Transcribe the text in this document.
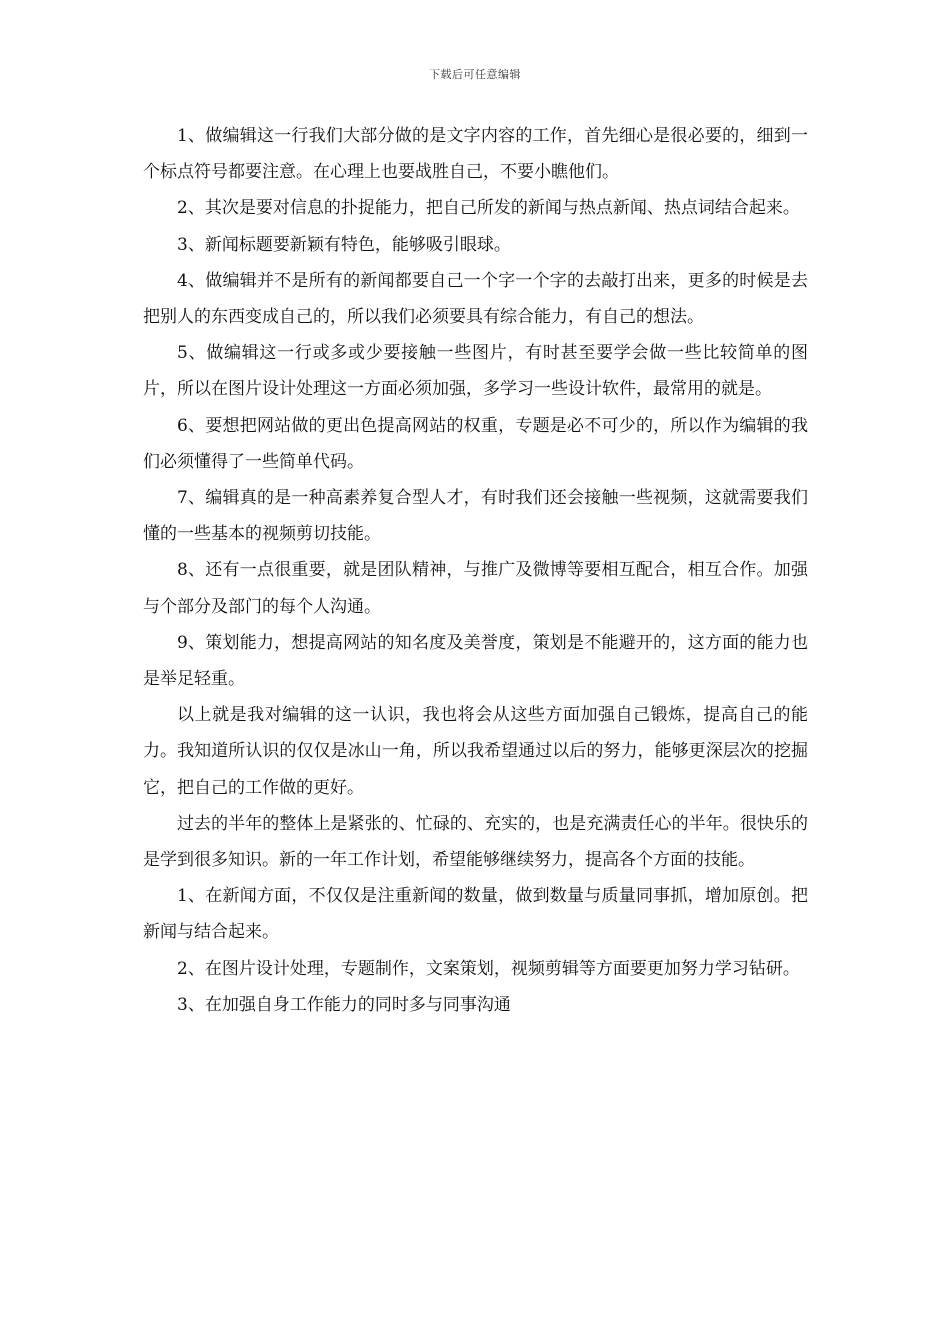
下载后可任意编辑

1、做编辑这一行我们大部分做的是文字内容的工作，首先细心是很必要的，细到一个标点符号都要注意。在心理上也要战胜自己，不要小瞧他们。

2、其次是要对信息的扑捉能力，把自己所发的新闻与热点新闻、热点词结合起来。

3、新闻标题要新颖有特色，能够吸引眼球。

4、做编辑并不是所有的新闻都要自己一个字一个字的去敲打出来，更多的时候是去把别人的东西变成自己的，所以我们必须要具有综合能力，有自己的想法。

5、做编辑这一行或多或少要接触一些图片，有时甚至要学会做一些比较简单的图片，所以在图片设计处理这一方面必须加强，多学习一些设计软件，最常用的就是。

6、要想把网站做的更出色提高网站的权重，专题是必不可少的，所以作为编辑的我们必须懂得了一些简单代码。

7、编辑真的是一种高素养复合型人才，有时我们还会接触一些视频，这就需要我们懂的一些基本的视频剪切技能。

8、还有一点很重要，就是团队精神，与推广及微博等要相互配合，相互合作。加强与个部分及部门的每个人沟通。

9、策划能力，想提高网站的知名度及美誉度，策划是不能避开的，这方面的能力也是举足轻重。

以上就是我对编辑的这一认识，我也将会从这些方面加强自己锻炼，提高自己的能力。我知道所认识的仅仅是冰山一角，所以我希望通过以后的努力，能够更深层次的挖掘它，把自己的工作做的更好。

过去的半年的整体上是紧张的、忙碌的、充实的，也是充满责任心的半年。很快乐的是学到很多知识。新的一年工作计划，希望能够继续努力，提高各个方面的技能。

1、在新闻方面，不仅仅是注重新闻的数量，做到数量与质量同事抓，增加原创。把新闻与结合起来。

2、在图片设计处理，专题制作，文案策划，视频剪辑等方面要更加努力学习钻研。

3、在加强自身工作能力的同时多与同事沟通
